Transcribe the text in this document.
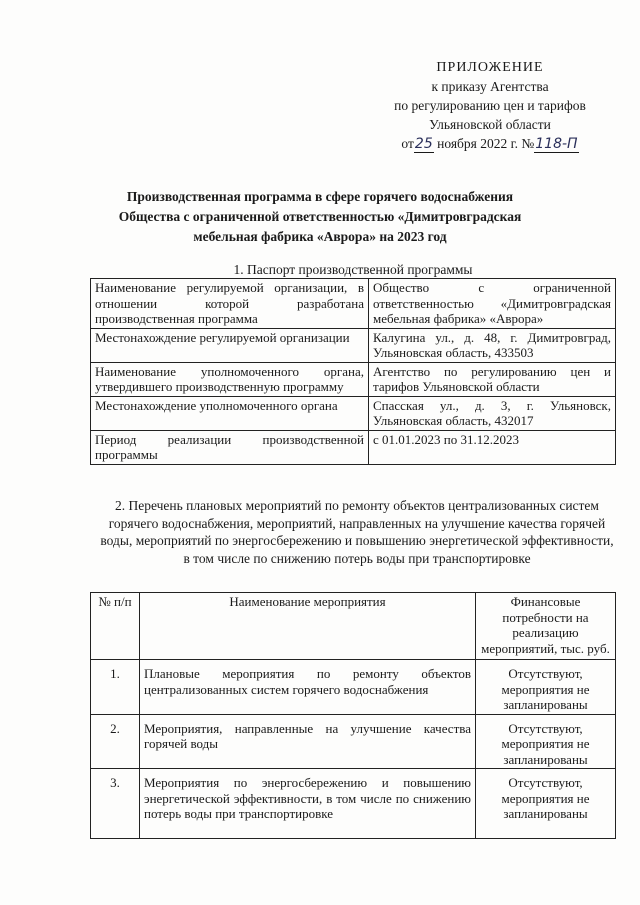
ПРИЛОЖЕНИЕ
к приказу Агентства
по регулированию цен и тарифов
Ульяновской области
от25 ноября 2022 г. №118-П
Производственная программа в сфере горячего водоснабжения
Общества с ограниченной ответственностью «Димитровградская
мебельная фабрика «Аврора» на 2023 год
1. Паспорт производственной программы
Наименование регулируемой организации, в отношении которой разработана производственная программа	Общество с ограниченной ответственностью «Димитровградская мебельная фабрика» «Аврора»
Местонахождение регулируемой организации	Калугина ул., д. 48, г. Димитровград, Ульяновская область, 433503
Наименование уполномоченного органа, утвердившего производственную программу	Агентство по регулированию цен и тарифов Ульяновской области
Местонахождение уполномоченного органа	Спасская ул., д. 3, г. Ульяновск, Ульяновская область, 432017
Период реализации производственной программы	с 01.01.2023 по 31.12.2023
2. Перечень плановых мероприятий по ремонту объектов централизованных систем горячего водоснабжения, мероприятий, направленных на улучшение качества горячей воды, мероприятий по энергосбережению и повышению энергетической эффективности, в том числе по снижению потерь воды при транспортировке
№ п/п	Наименование мероприятия	Финансовые потребности на реализацию мероприятий, тыс. руб.
1.	Плановые мероприятия по ремонту объектов централизованных систем горячего водоснабжения	Отсутствуют, мероприятия не запланированы
2.	Мероприятия, направленные на улучшение качества горячей воды	Отсутствуют, мероприятия не запланированы
3.	Мероприятия по энергосбережению и повышению энергетической эффективности, в том числе по снижению потерь воды при транспортировке	Отсутствуют, мероприятия не запланированы
